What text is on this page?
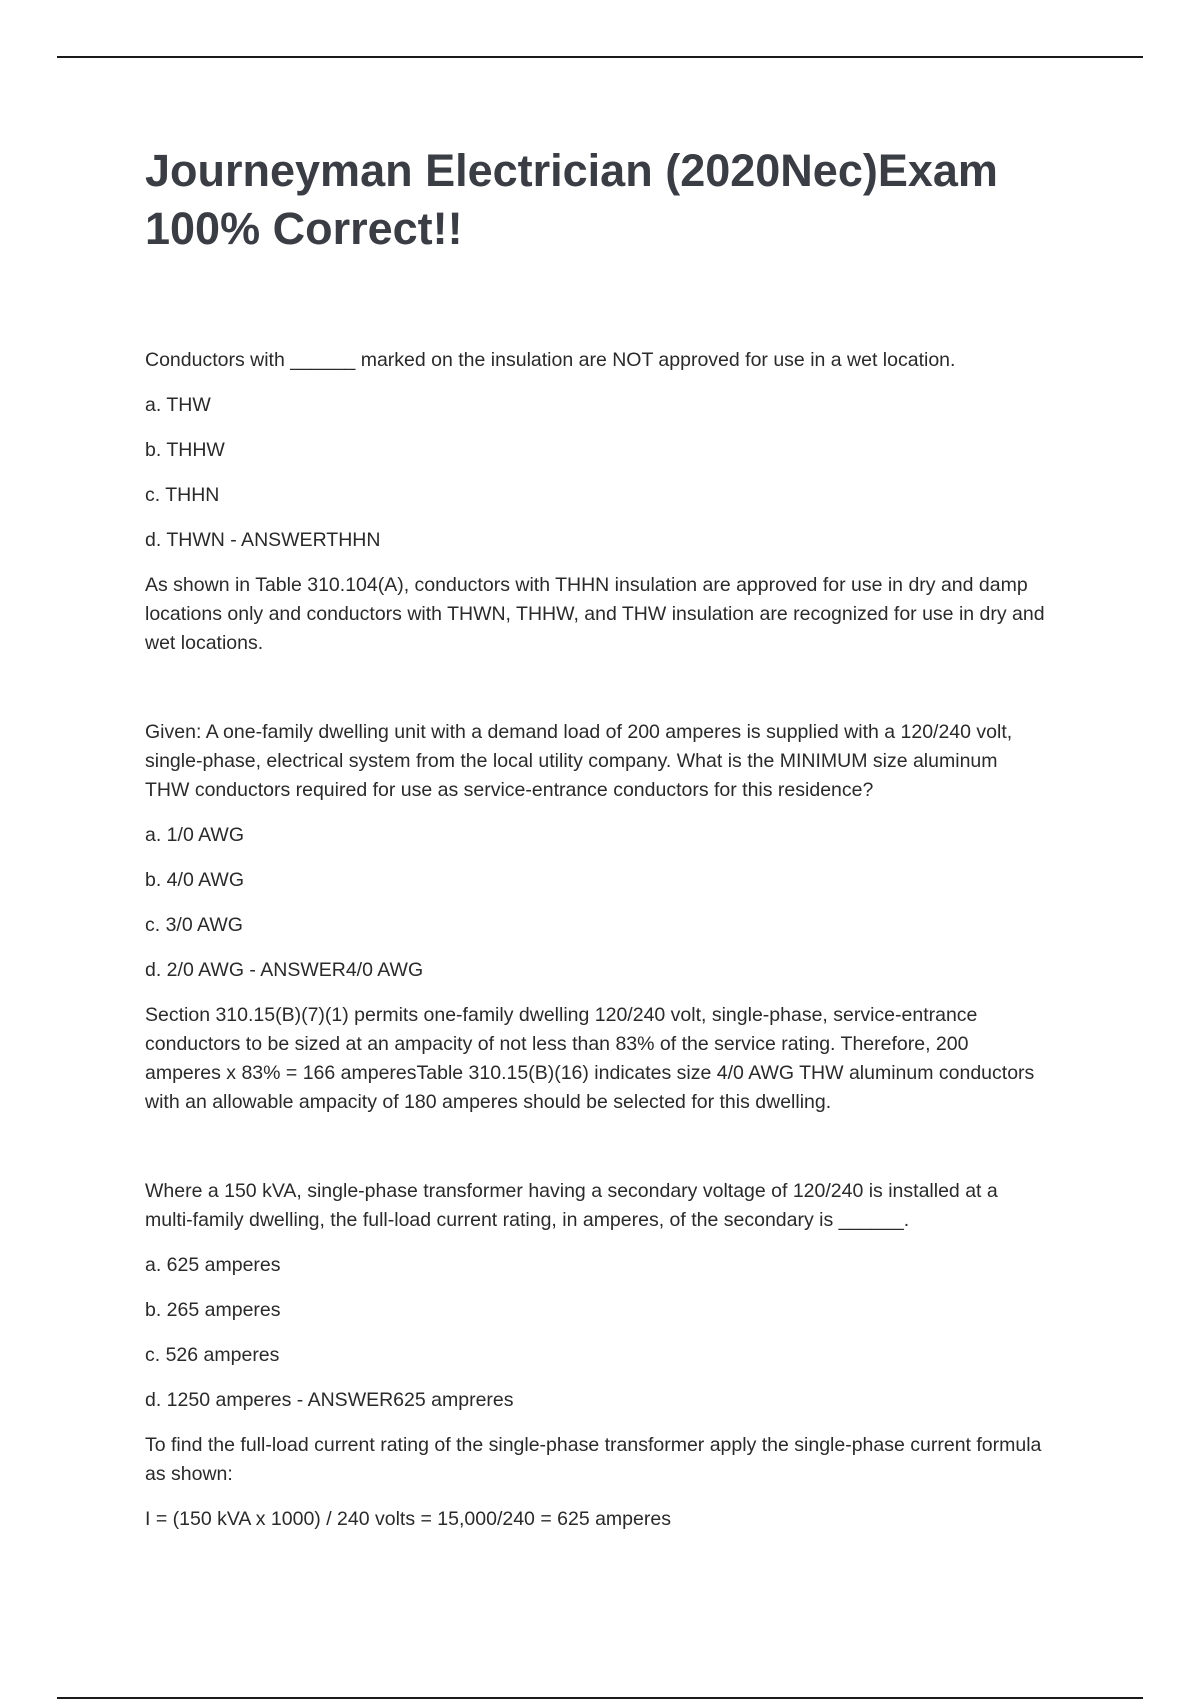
Journeyman Electrician (2020Nec)Exam 100% Correct!!

Conductors with ______ marked on the insulation are NOT approved for use in a wet location.

a. THW

b. THHW

c. THHN

d. THWN - ANSWERTHHN

As shown in Table 310.104(A), conductors with THHN insulation are approved for use in dry and damp locations only and conductors with THWN, THHW, and THW insulation are recognized for use in dry and wet locations.

Given: A one-family dwelling unit with a demand load of 200 amperes is supplied with a 120/240 volt, single-phase, electrical system from the local utility company. What is the MINIMUM size aluminum THW conductors required for use as service-entrance conductors for this residence?

a. 1/0 AWG

b. 4/0 AWG

c. 3/0 AWG

d. 2/0 AWG - ANSWER4/0 AWG

Section 310.15(B)(7)(1) permits one-family dwelling 120/240 volt, single-phase, service-entrance conductors to be sized at an ampacity of not less than 83% of the service rating. Therefore, 200 amperes x 83% = 166 amperesTable 310.15(B)(16) indicates size 4/0 AWG THW aluminum conductors with an allowable ampacity of 180 amperes should be selected for this dwelling.

Where a 150 kVA, single-phase transformer having a secondary voltage of 120/240 is installed at a multi-family dwelling, the full-load current rating, in amperes, of the secondary is ______.

a. 625 amperes

b. 265 amperes

c. 526 amperes

d. 1250 amperes - ANSWER625 ampreres

To find the full-load current rating of the single-phase transformer apply the single-phase current formula as shown:

I = (150 kVA x 1000) / 240 volts = 15,000/240 = 625 amperes
